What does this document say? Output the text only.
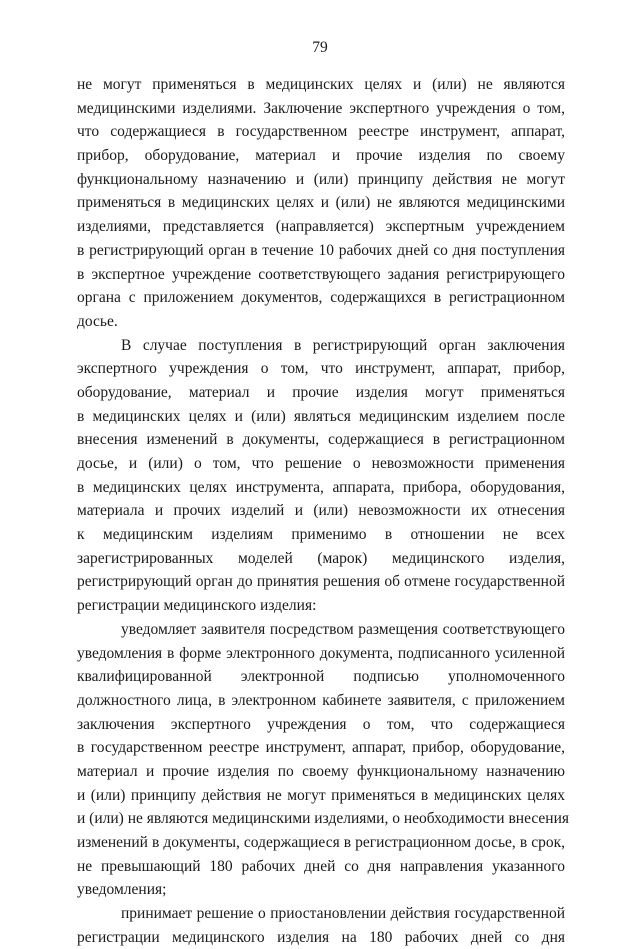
79
не могут применяться в медицинских целях и (или) не являются
медицинскими изделиями. Заключение экспертного учреждения о том,
что содержащиеся в государственном реестре инструмент, аппарат,
прибор, оборудование, материал и прочие изделия по своему
функциональному назначению и (или) принципу действия не могут
применяться в медицинских целях и (или) не являются медицинскими
изделиями, представляется (направляется) экспертным учреждением
в регистрирующий орган в течение 10 рабочих дней со дня поступления
в экспертное учреждение соответствующего задания регистрирующего
органа с приложением документов, содержащихся в регистрационном
досье.
В случае поступления в регистрирующий орган заключения
экспертного учреждения о том, что инструмент, аппарат, прибор,
оборудование, материал и прочие изделия могут применяться
в медицинских целях и (или) являться медицинским изделием после
внесения изменений в документы, содержащиеся в регистрационном
досье, и (или) о том, что решение о невозможности применения
в медицинских целях инструмента, аппарата, прибора, оборудования,
материала и прочих изделий и (или) невозможности их отнесения
к медицинским изделиям применимо в отношении не всех
зарегистрированных моделей (марок) медицинского изделия,
регистрирующий орган до принятия решения об отмене государственной
регистрации медицинского изделия:
уведомляет заявителя посредством размещения соответствующего
уведомления в форме электронного документа, подписанного усиленной
квалифицированной электронной подписью уполномоченного
должностного лица, в электронном кабинете заявителя, с приложением
заключения экспертного учреждения о том, что содержащиеся
в государственном реестре инструмент, аппарат, прибор, оборудование,
материал и прочие изделия по своему функциональному назначению
и (или) принципу действия не могут применяться в медицинских целях
и (или) не являются медицинскими изделиями, о необходимости внесения
изменений в документы, содержащиеся в регистрационном досье, в срок,
не превышающий 180 рабочих дней со дня направления указанного
уведомления;
принимает решение о приостановлении действия государственной
регистрации медицинского изделия на 180 рабочих дней со дня
